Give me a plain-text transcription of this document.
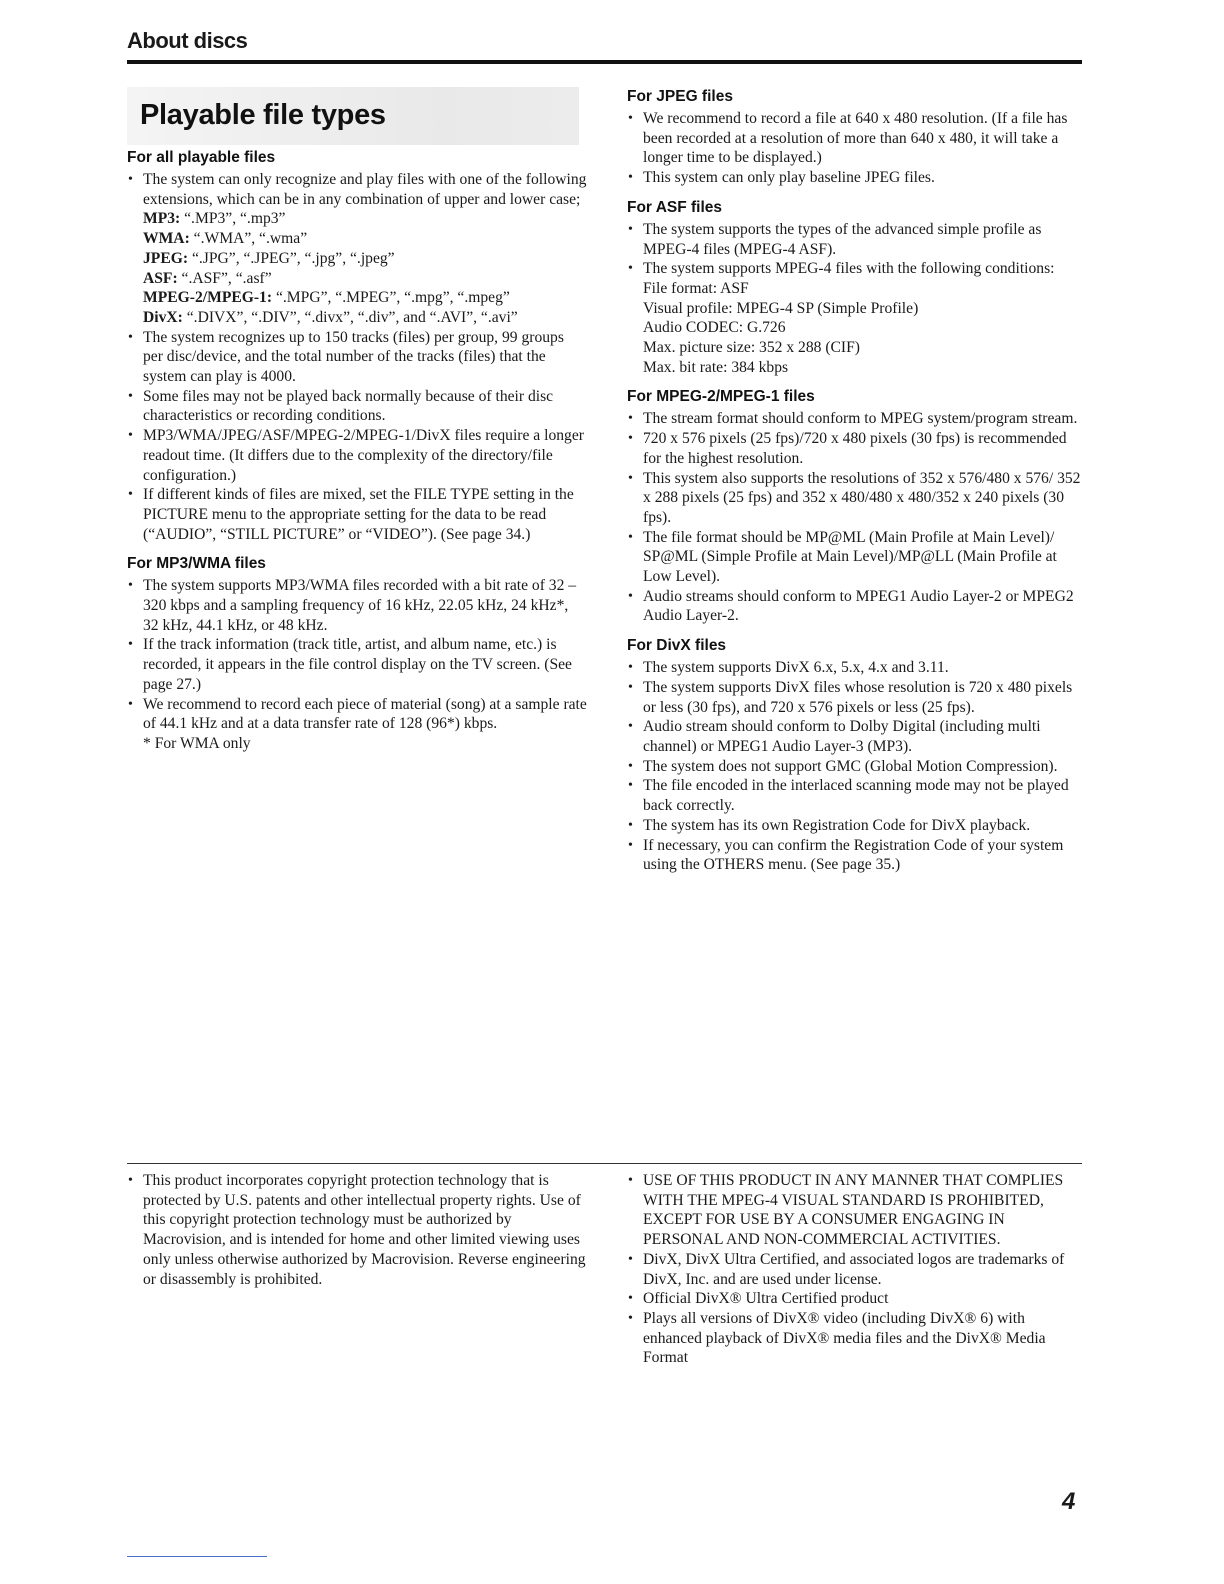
About discs
Playable file types
For all playable files
• The system can only recognize and play files with one of the following extensions, which can be in any combination of upper and lower case;
MP3: “.MP3”, “.mp3”
WMA: “.WMA”, “.wma”
JPEG: “.JPG”, “.JPEG”, “.jpg”, “.jpeg”
ASF: “.ASF”, “.asf”
MPEG-2/MPEG-1: “.MPG”, “.MPEG”, “.mpg”, “.mpeg”
DivX: “.DIVX”, “.DIV”, “.divx”, “.div”, and “.AVI”, “.avi”
• The system recognizes up to 150 tracks (files) per group, 99 groups per disc/device, and the total number of the tracks (files) that the system can play is 4000.
• Some files may not be played back normally because of their disc characteristics or recording conditions.
• MP3/WMA/JPEG/ASF/MPEG-2/MPEG-1/DivX files require a longer readout time. (It differs due to the complexity of the directory/file configuration.)
• If different kinds of files are mixed, set the FILE TYPE setting in the PICTURE menu to the appropriate setting for the data to be read (“AUDIO”, “STILL PICTURE” or “VIDEO”). (See page 34.)
For MP3/WMA files
• The system supports MP3/WMA files recorded with a bit rate of 32 – 320 kbps and a sampling frequency of 16 kHz, 22.05 kHz, 24 kHz*, 32 kHz, 44.1 kHz, or 48 kHz.
• If the track information (track title, artist, and album name, etc.) is recorded, it appears in the file control display on the TV screen. (See page 27.)
• We recommend to record each piece of material (song) at a sample rate of 44.1 kHz and at a data transfer rate of 128 (96*) kbps.
* For WMA only
For JPEG files
• We recommend to record a file at 640 x 480 resolution. (If a file has been recorded at a resolution of more than 640 x 480, it will take a longer time to be displayed.)
• This system can only play baseline JPEG files.
For ASF files
• The system supports the types of the advanced simple profile as MPEG-4 files (MPEG-4 ASF).
• The system supports MPEG-4 files with the following conditions:
File format: ASF
Visual profile: MPEG-4 SP (Simple Profile)
Audio CODEC: G.726
Max. picture size: 352 x 288 (CIF)
Max. bit rate: 384 kbps
For MPEG-2/MPEG-1 files
• The stream format should conform to MPEG system/program stream.
• 720 x 576 pixels (25 fps)/720 x 480 pixels (30 fps) is recommended for the highest resolution.
• This system also supports the resolutions of 352 x 576/480 x 576/ 352 x 288 pixels (25 fps) and 352 x 480/480 x 480/352 x 240 pixels (30 fps).
• The file format should be MP@ML (Main Profile at Main Level)/ SP@ML (Simple Profile at Main Level)/MP@LL (Main Profile at Low Level).
• Audio streams should conform to MPEG1 Audio Layer-2 or MPEG2 Audio Layer-2.
For DivX files
• The system supports DivX 6.x, 5.x, 4.x and 3.11.
• The system supports DivX files whose resolution is 720 x 480 pixels or less (30 fps), and 720 x 576 pixels or less (25 fps).
• Audio stream should conform to Dolby Digital (including multi channel) or MPEG1 Audio Layer-3 (MP3).
• The system does not support GMC (Global Motion Compression).
• The file encoded in the interlaced scanning mode may not be played back correctly.
• The system has its own Registration Code for DivX playback.
• If necessary, you can confirm the Registration Code of your system using the OTHERS menu. (See page 35.)
• This product incorporates copyright protection technology that is protected by U.S. patents and other intellectual property rights. Use of this copyright protection technology must be authorized by Macrovision, and is intended for home and other limited viewing uses only unless otherwise authorized by Macrovision. Reverse engineering or disassembly is prohibited.
• USE OF THIS PRODUCT IN ANY MANNER THAT COMPLIES WITH THE MPEG-4 VISUAL STANDARD IS PROHIBITED, EXCEPT FOR USE BY A CONSUMER ENGAGING IN PERSONAL AND NON-COMMERCIAL ACTIVITIES.
• DivX, DivX Ultra Certified, and associated logos are trademarks of DivX, Inc. and are used under license.
• Official DivX® Ultra Certified product
• Plays all versions of DivX® video (including DivX® 6) with enhanced playback of DivX® media files and the DivX® Media Format
4
